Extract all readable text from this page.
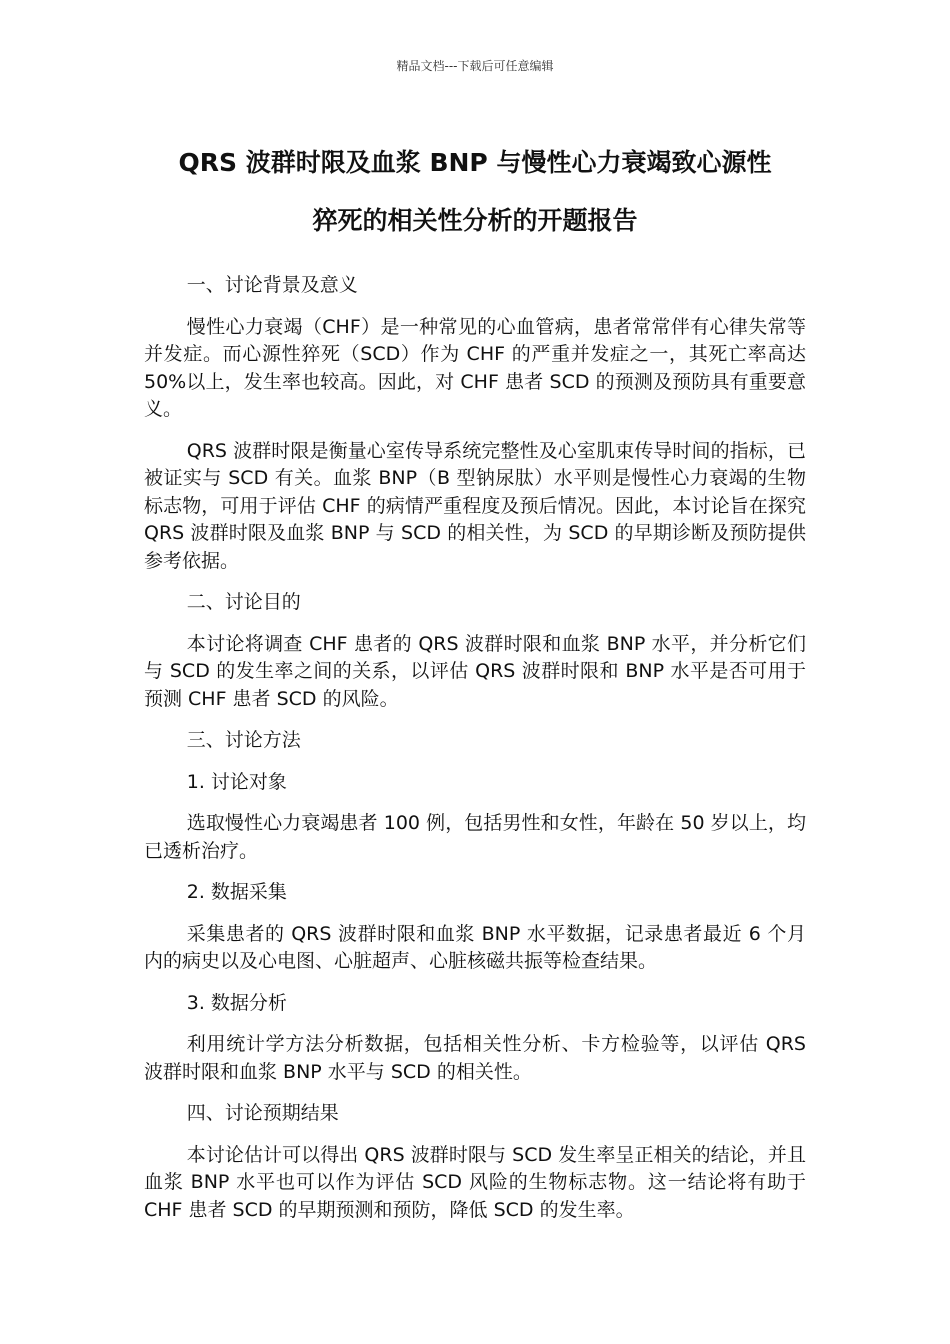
精品文档---下载后可任意编辑
QRS 波群时限及血浆 BNP 与慢性心力衰竭致心源性
猝死的相关性分析的开题报告

一、讨论背景及意义

慢性心力衰竭（CHF）是一种常见的心血管病，患者常常伴有心律失常等并发症。而心源性猝死（SCD）作为 CHF 的严重并发症之一，其死亡率高达 50%以上，发生率也较高。因此，对 CHF 患者 SCD 的预测及预防具有重要意义。

QRS 波群时限是衡量心室传导系统完整性及心室肌束传导时间的指标，已被证实与 SCD 有关。血浆 BNP（B 型钠尿肽）水平则是慢性心力衰竭的生物标志物，可用于评估 CHF 的病情严重程度及预后情况。因此，本讨论旨在探究 QRS 波群时限及血浆 BNP 与 SCD 的相关性，为 SCD 的早期诊断及预防提供参考依据。

二、讨论目的

本讨论将调查 CHF 患者的 QRS 波群时限和血浆 BNP 水平，并分析它们与 SCD 的发生率之间的关系，以评估 QRS 波群时限和 BNP 水平是否可用于预测 CHF 患者 SCD 的风险。

三、讨论方法

1. 讨论对象

选取慢性心力衰竭患者 100 例，包括男性和女性，年龄在 50 岁以上，均已透析治疗。

2. 数据采集

采集患者的 QRS 波群时限和血浆 BNP 水平数据，记录患者最近 6 个月内的病史以及心电图、心脏超声、心脏核磁共振等检查结果。

3. 数据分析

利用统计学方法分析数据，包括相关性分析、卡方检验等，以评估 QRS 波群时限和血浆 BNP 水平与 SCD 的相关性。

四、讨论预期结果

本讨论估计可以得出 QRS 波群时限与 SCD 发生率呈正相关的结论，并且血浆 BNP 水平也可以作为评估 SCD 风险的生物标志物。这一结论将有助于 CHF 患者 SCD 的早期预测和预防，降低 SCD 的发生率。
